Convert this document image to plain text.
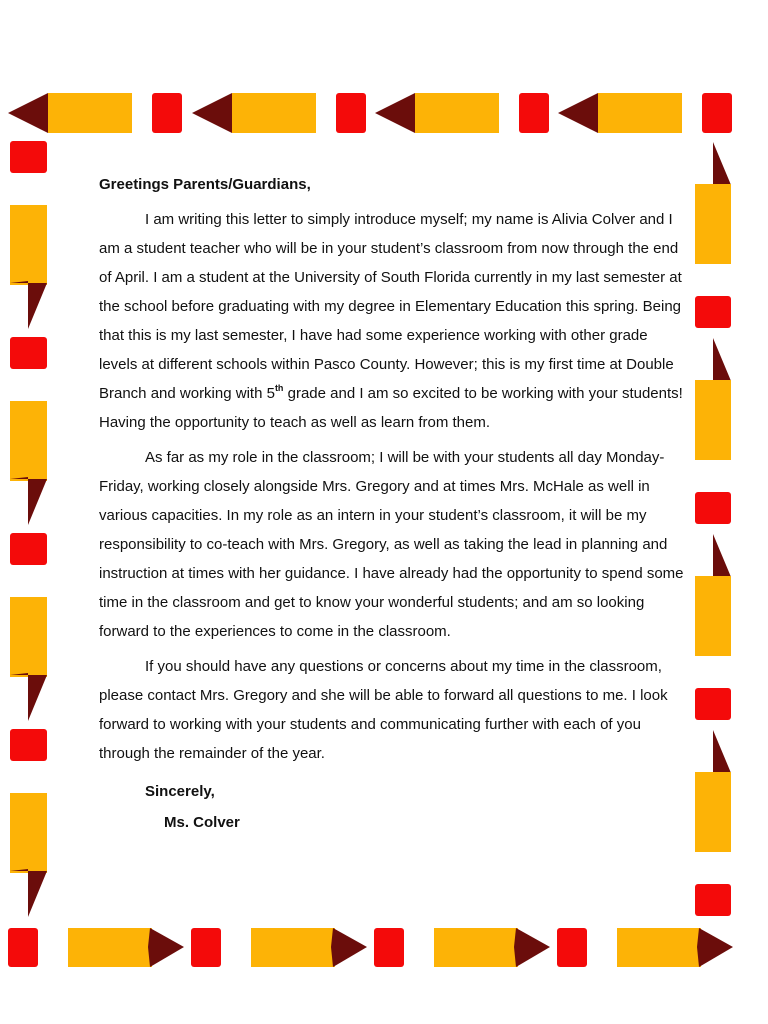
Greetings Parents/Guardians,

I am writing this letter to simply introduce myself; my name is Alivia Colver and I am a student teacher who will be in your student’s classroom from now through the end of April. I am a student at the University of South Florida currently in my last semester at the school before graduating with my degree in Elementary Education this spring. Being that this is my last semester, I have had some experience working with other grade levels at different schools within Pasco County. However; this is my first time at Double Branch and working with 5th grade and I am so excited to be working with your students! Having the opportunity to teach as well as learn from them.

As far as my role in the classroom; I will be with your students all day Monday-Friday, working closely alongside Mrs. Gregory and at times Mrs. McHale as well in various capacities. In my role as an intern in your student’s classroom, it will be my responsibility to co-teach with Mrs. Gregory, as well as taking the lead in planning and instruction at times with her guidance. I have already had the opportunity to spend some time in the classroom and get to know your wonderful students; and am so looking forward to the experiences to come in the classroom.

If you should have any questions or concerns about my time in the classroom, please contact Mrs. Gregory and she will be able to forward all questions to me. I look forward to working with your students and communicating further with each of you through the remainder of the year.

Sincerely,

Ms. Colver
